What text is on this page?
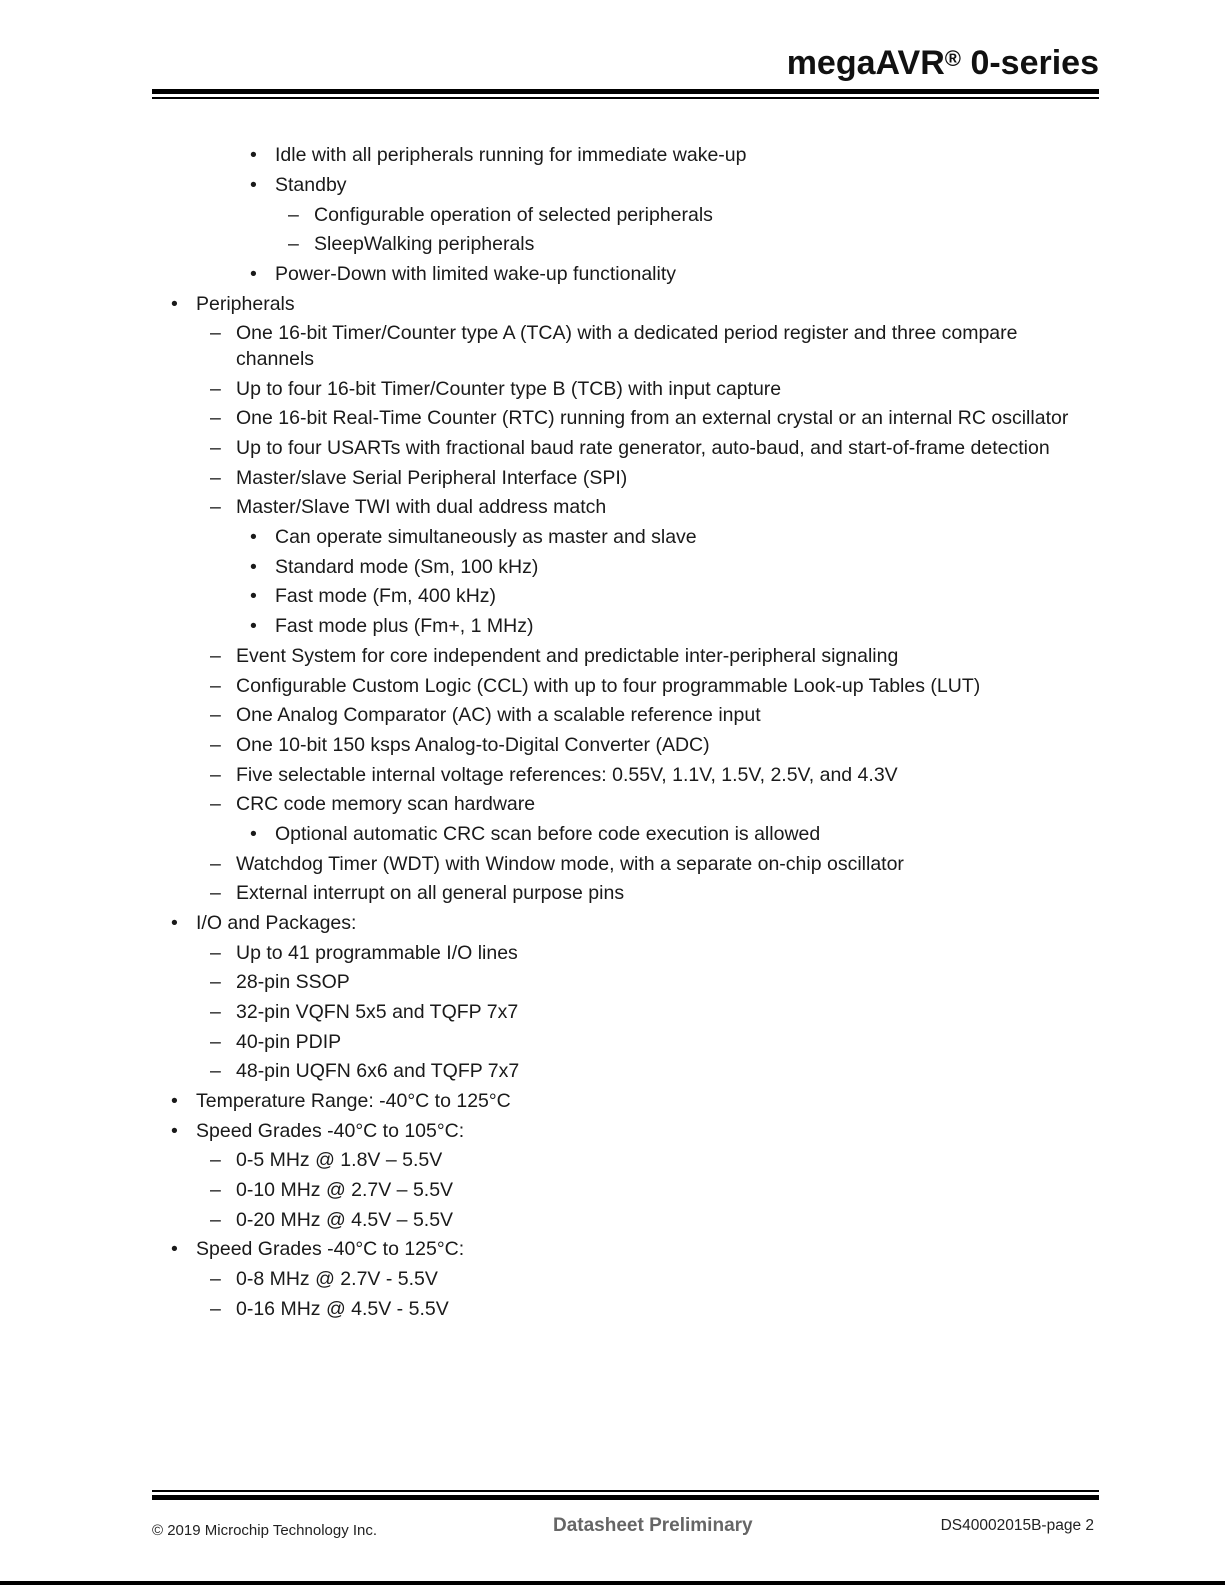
megaAVR® 0-series
• Idle with all peripherals running for immediate wake-up
• Standby
– Configurable operation of selected peripherals
– SleepWalking peripherals
• Power-Down with limited wake-up functionality
• Peripherals
– One 16-bit Timer/Counter type A (TCA) with a dedicated period register and three compare
channels
– Up to four 16-bit Timer/Counter type B (TCB) with input capture
– One 16-bit Real-Time Counter (RTC) running from an external crystal or an internal RC oscillator
– Up to four USARTs with fractional baud rate generator, auto-baud, and start-of-frame detection
– Master/slave Serial Peripheral Interface (SPI)
– Master/Slave TWI with dual address match
• Can operate simultaneously as master and slave
• Standard mode (Sm, 100 kHz)
• Fast mode (Fm, 400 kHz)
• Fast mode plus (Fm+, 1 MHz)
– Event System for core independent and predictable inter-peripheral signaling
– Configurable Custom Logic (CCL) with up to four programmable Look-up Tables (LUT)
– One Analog Comparator (AC) with a scalable reference input
– One 10-bit 150 ksps Analog-to-Digital Converter (ADC)
– Five selectable internal voltage references: 0.55V, 1.1V, 1.5V, 2.5V, and 4.3V
– CRC code memory scan hardware
• Optional automatic CRC scan before code execution is allowed
– Watchdog Timer (WDT) with Window mode, with a separate on-chip oscillator
– External interrupt on all general purpose pins
• I/O and Packages:
– Up to 41 programmable I/O lines
– 28-pin SSOP
– 32-pin VQFN 5x5 and TQFP 7x7
– 40-pin PDIP
– 48-pin UQFN 6x6 and TQFP 7x7
• Temperature Range: -40°C to 125°C
• Speed Grades -40°C to 105°C:
– 0-5 MHz @ 1.8V – 5.5V
– 0-10 MHz @ 2.7V – 5.5V
– 0-20 MHz @ 4.5V – 5.5V
• Speed Grades -40°C to 125°C:
– 0-8 MHz @ 2.7V - 5.5V
– 0-16 MHz @ 4.5V - 5.5V
© 2019 Microchip Technology Inc.	Datasheet Preliminary	DS40002015B-page 2
